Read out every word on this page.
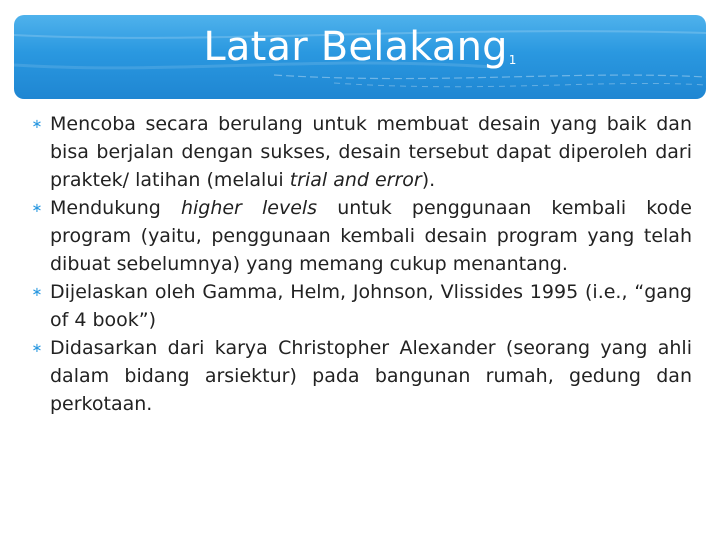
Latar Belakang1
∗ Mencoba secara berulang untuk membuat desain yang baik dan bisa berjalan dengan sukses, desain tersebut dapat diperoleh dari praktek/ latihan (melalui trial and error).
∗ Mendukung higher levels untuk penggunaan kembali kode program (yaitu, penggunaan kembali desain program yang telah dibuat sebelumnya) yang memang cukup menantang.
∗ Dijelaskan oleh Gamma, Helm, Johnson, Vlissides 1995 (i.e., “gang of 4 book”)
∗ Didasarkan dari karya Christopher Alexander (seorang yang ahli dalam bidang arsiektur) pada bangunan rumah, gedung dan perkotaan.
